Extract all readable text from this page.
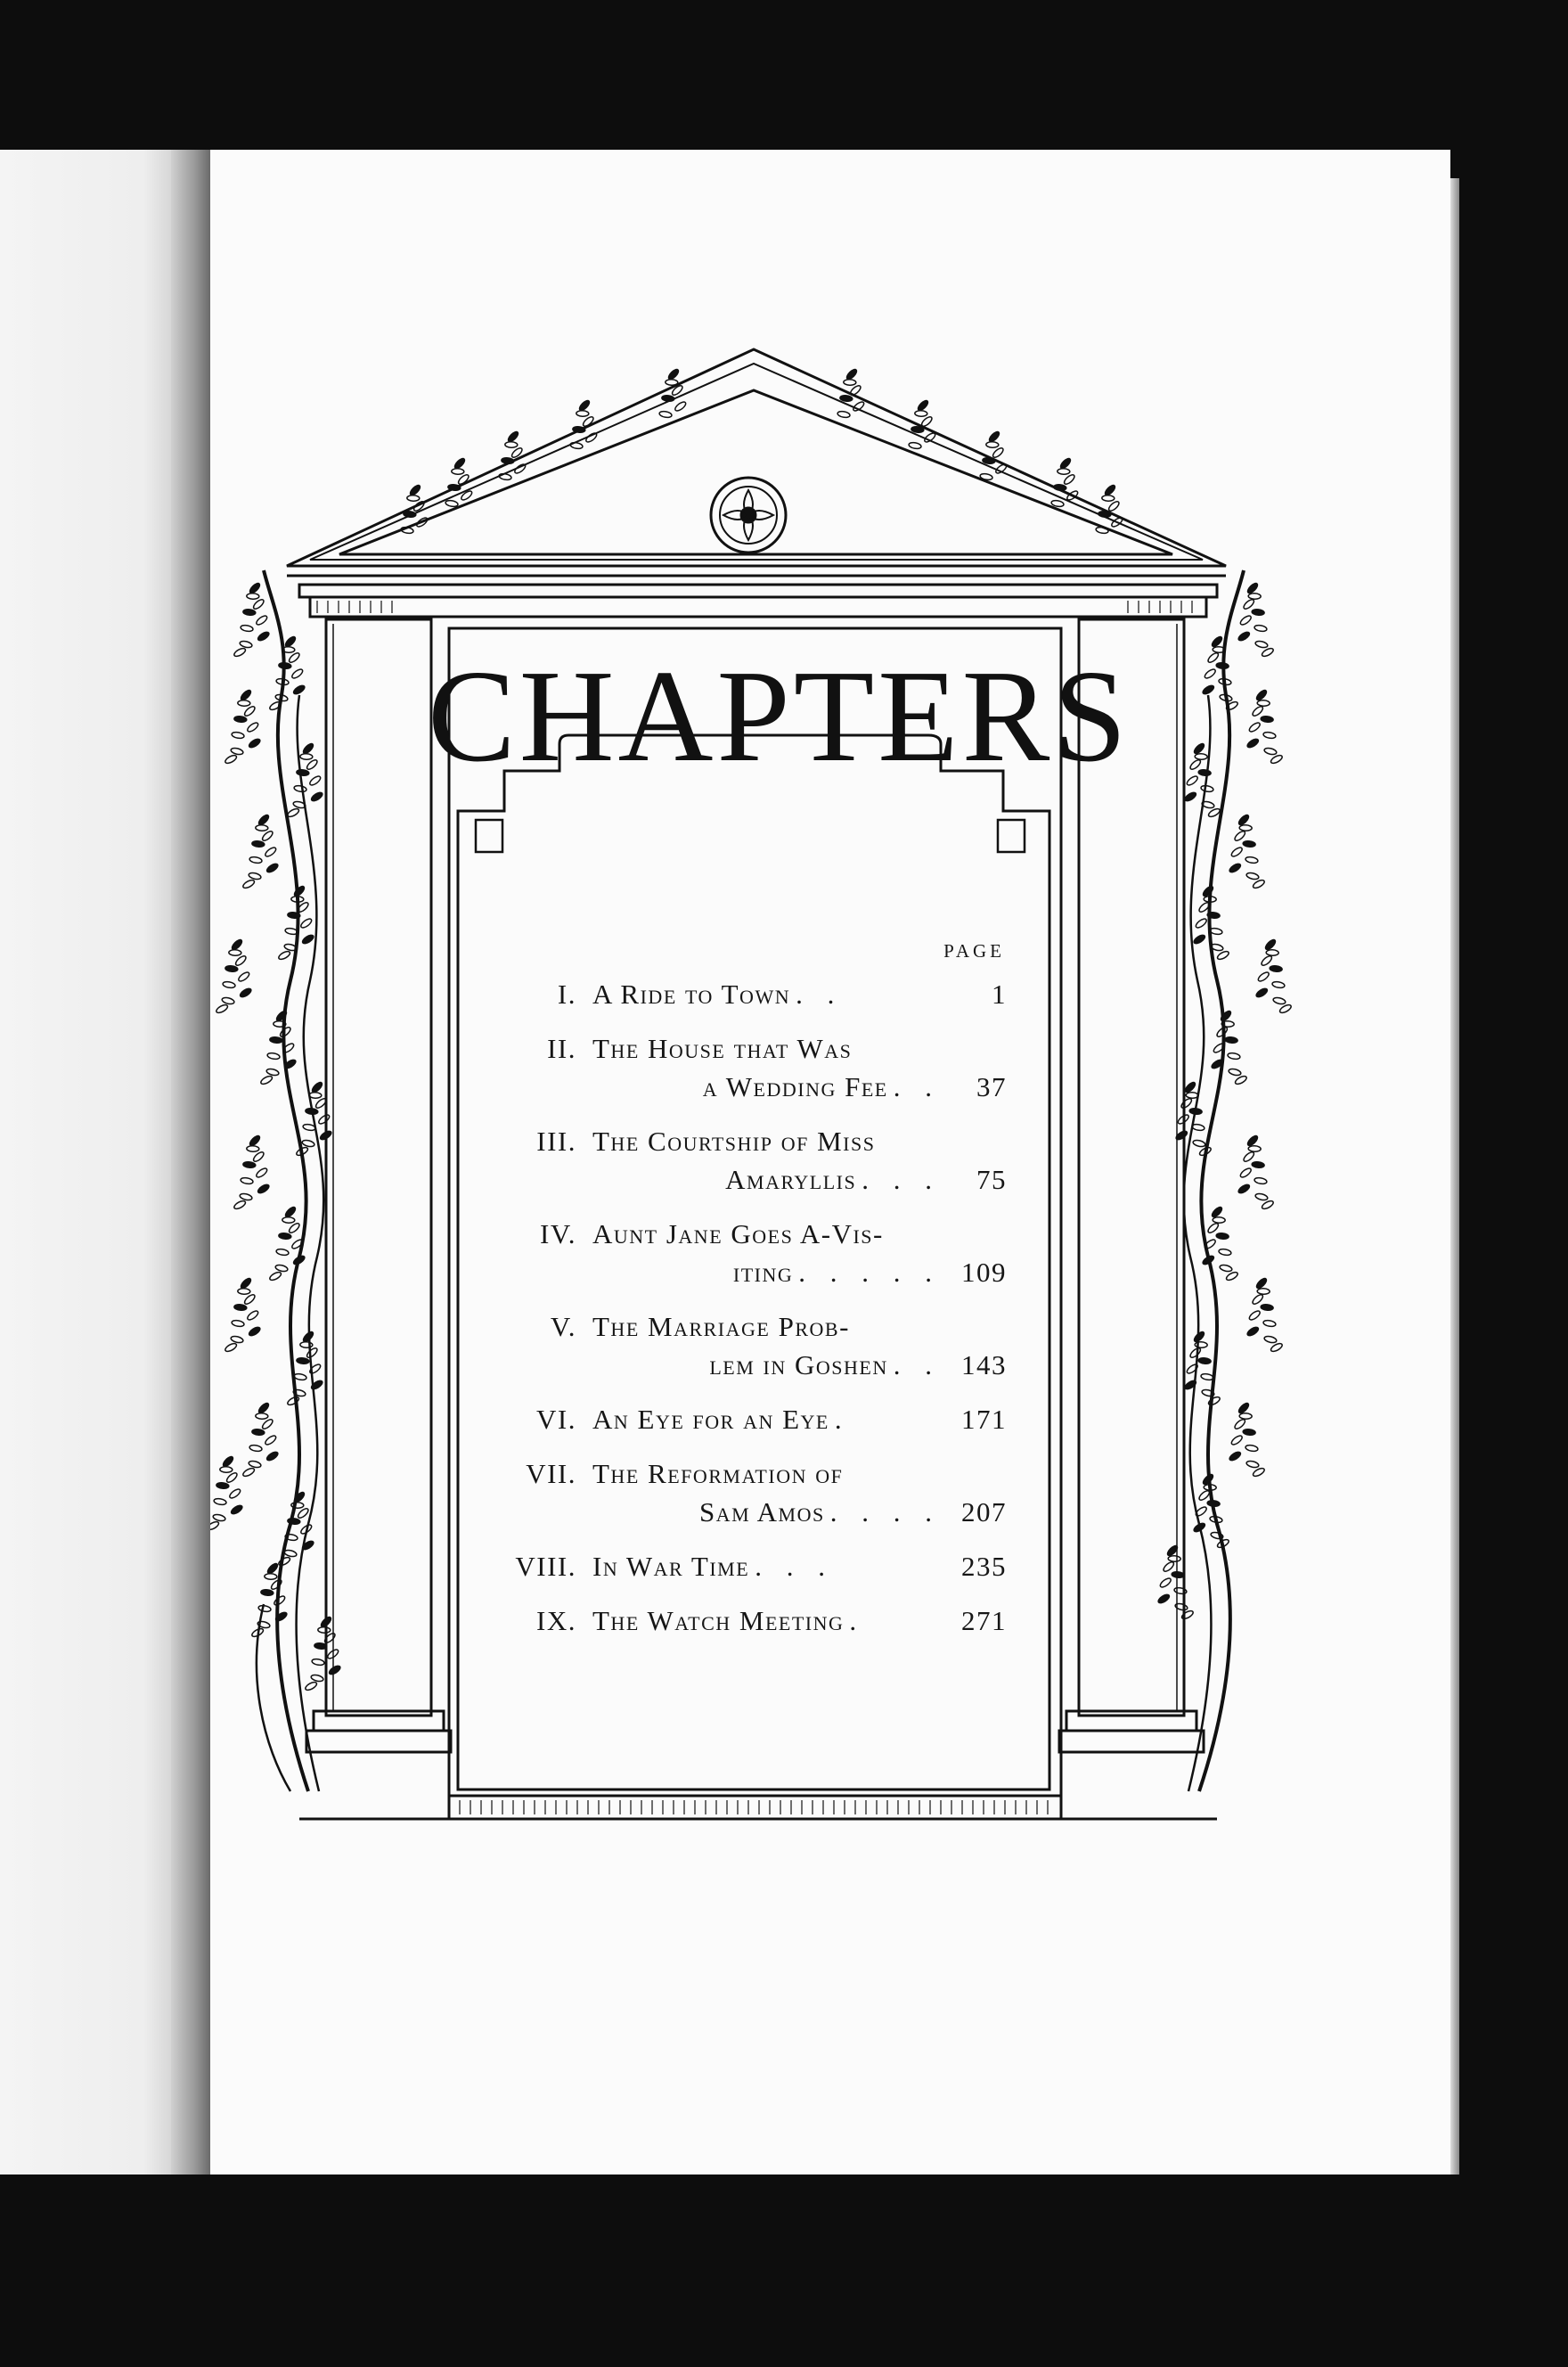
CHAPTERS
PAGE
I. A Ride to Town . .	1
II. The House that Was
a Wedding Fee . .	37
III. The Courtship of Miss
Amaryllis . . .	75
IV. Aunt Jane Goes A-Vis-
iting . . . . . 109
V. The Marriage Prob-
lem in Goshen . . 143
VI. An Eye for an Eye .	171
VII. The Reformation of
Sam Amos . . . . 207
VIII. In War Time . . .	235
IX. The Watch Meeting .	271
